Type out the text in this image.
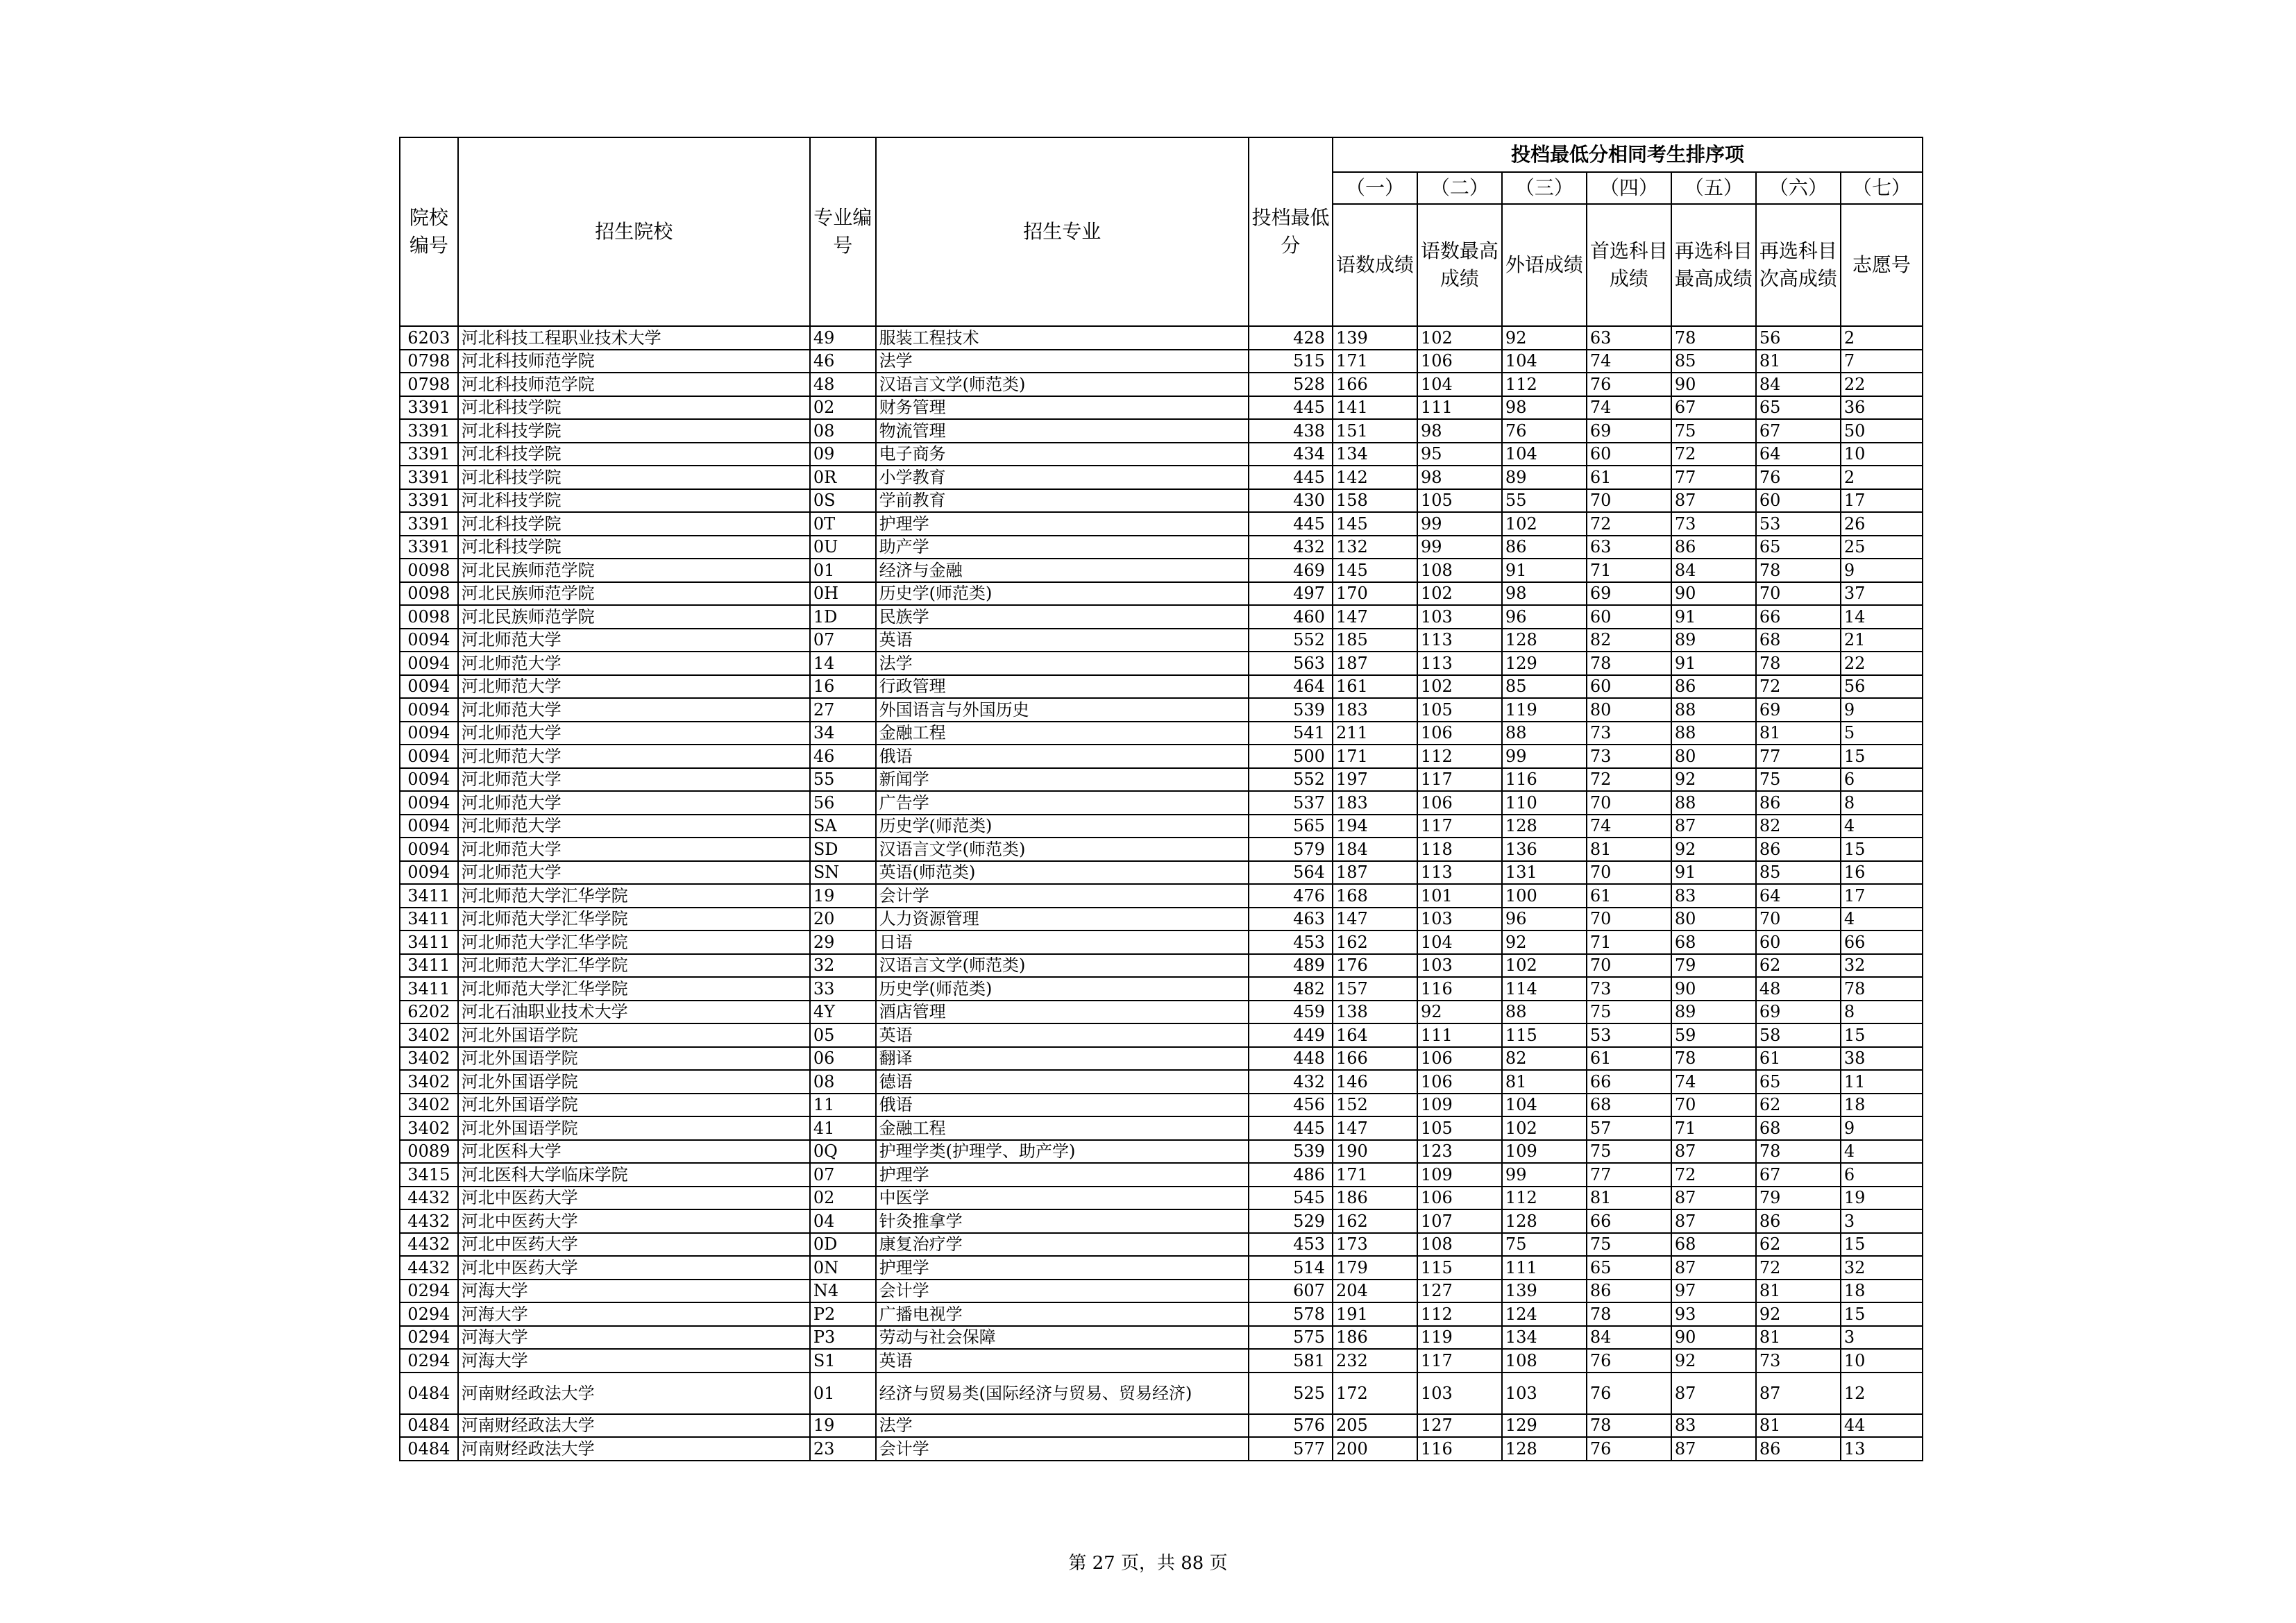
院校编号	招生院校	专业编号	招生专业	投档最低分	投档最低分相同考生排序项						
					（一）	（二）	（三）	（四）	（五）	（六）	（七）
					语数成绩	语数最高成绩	外语成绩	首选科目成绩	再选科目最高成绩	再选科目次高成绩	志愿号
6203	河北科技工程职业技术大学	49	服装工程技术	428	139	102	92	63	78	56	2
0798	河北科技师范学院	46	法学	515	171	106	104	74	85	81	7
0798	河北科技师范学院	48	汉语言文学(师范类)	528	166	104	112	76	90	84	22
3391	河北科技学院	02	财务管理	445	141	111	98	74	67	65	36
3391	河北科技学院	08	物流管理	438	151	98	76	69	75	67	50
3391	河北科技学院	09	电子商务	434	134	95	104	60	72	64	10
3391	河北科技学院	0R	小学教育	445	142	98	89	61	77	76	2
3391	河北科技学院	0S	学前教育	430	158	105	55	70	87	60	17
3391	河北科技学院	0T	护理学	445	145	99	102	72	73	53	26
3391	河北科技学院	0U	助产学	432	132	99	86	63	86	65	25
0098	河北民族师范学院	01	经济与金融	469	145	108	91	71	84	78	9
0098	河北民族师范学院	0H	历史学(师范类)	497	170	102	98	69	90	70	37
0098	河北民族师范学院	1D	民族学	460	147	103	96	60	91	66	14
0094	河北师范大学	07	英语	552	185	113	128	82	89	68	21
0094	河北师范大学	14	法学	563	187	113	129	78	91	78	22
0094	河北师范大学	16	行政管理	464	161	102	85	60	86	72	56
0094	河北师范大学	27	外国语言与外国历史	539	183	105	119	80	88	69	9
0094	河北师范大学	34	金融工程	541	211	106	88	73	88	81	5
0094	河北师范大学	46	俄语	500	171	112	99	73	80	77	15
0094	河北师范大学	55	新闻学	552	197	117	116	72	92	75	6
0094	河北师范大学	56	广告学	537	183	106	110	70	88	86	8
0094	河北师范大学	SA	历史学(师范类)	565	194	117	128	74	87	82	4
0094	河北师范大学	SD	汉语言文学(师范类)	579	184	118	136	81	92	86	15
0094	河北师范大学	SN	英语(师范类)	564	187	113	131	70	91	85	16
3411	河北师范大学汇华学院	19	会计学	476	168	101	100	61	83	64	17
3411	河北师范大学汇华学院	20	人力资源管理	463	147	103	96	70	80	70	4
3411	河北师范大学汇华学院	29	日语	453	162	104	92	71	68	60	66
3411	河北师范大学汇华学院	32	汉语言文学(师范类)	489	176	103	102	70	79	62	32
3411	河北师范大学汇华学院	33	历史学(师范类)	482	157	116	114	73	90	48	78
6202	河北石油职业技术大学	4Y	酒店管理	459	138	92	88	75	89	69	8
3402	河北外国语学院	05	英语	449	164	111	115	53	59	58	15
3402	河北外国语学院	06	翻译	448	166	106	82	61	78	61	38
3402	河北外国语学院	08	德语	432	146	106	81	66	74	65	11
3402	河北外国语学院	11	俄语	456	152	109	104	68	70	62	18
3402	河北外国语学院	41	金融工程	445	147	105	102	57	71	68	9
0089	河北医科大学	0Q	护理学类(护理学、助产学)	539	190	123	109	75	87	78	4
3415	河北医科大学临床学院	07	护理学	486	171	109	99	77	72	67	6
4432	河北中医药大学	02	中医学	545	186	106	112	81	87	79	19
4432	河北中医药大学	04	针灸推拿学	529	162	107	128	66	87	86	3
4432	河北中医药大学	0D	康复治疗学	453	173	108	75	75	68	62	15
4432	河北中医药大学	0N	护理学	514	179	115	111	65	87	72	32
0294	河海大学	N4	会计学	607	204	127	139	86	97	81	18
0294	河海大学	P2	广播电视学	578	191	112	124	78	93	92	15
0294	河海大学	P3	劳动与社会保障	575	186	119	134	84	90	81	3
0294	河海大学	S1	英语	581	232	117	108	76	92	73	10
0484	河南财经政法大学	01	经济与贸易类(国际经济与贸易、贸易经济)	525	172	103	103	76	87	87	12
0484	河南财经政法大学	19	法学	576	205	127	129	78	83	81	44
0484	河南财经政法大学	23	会计学	577	200	116	128	76	87	86	13
第 27 页，共 88 页
